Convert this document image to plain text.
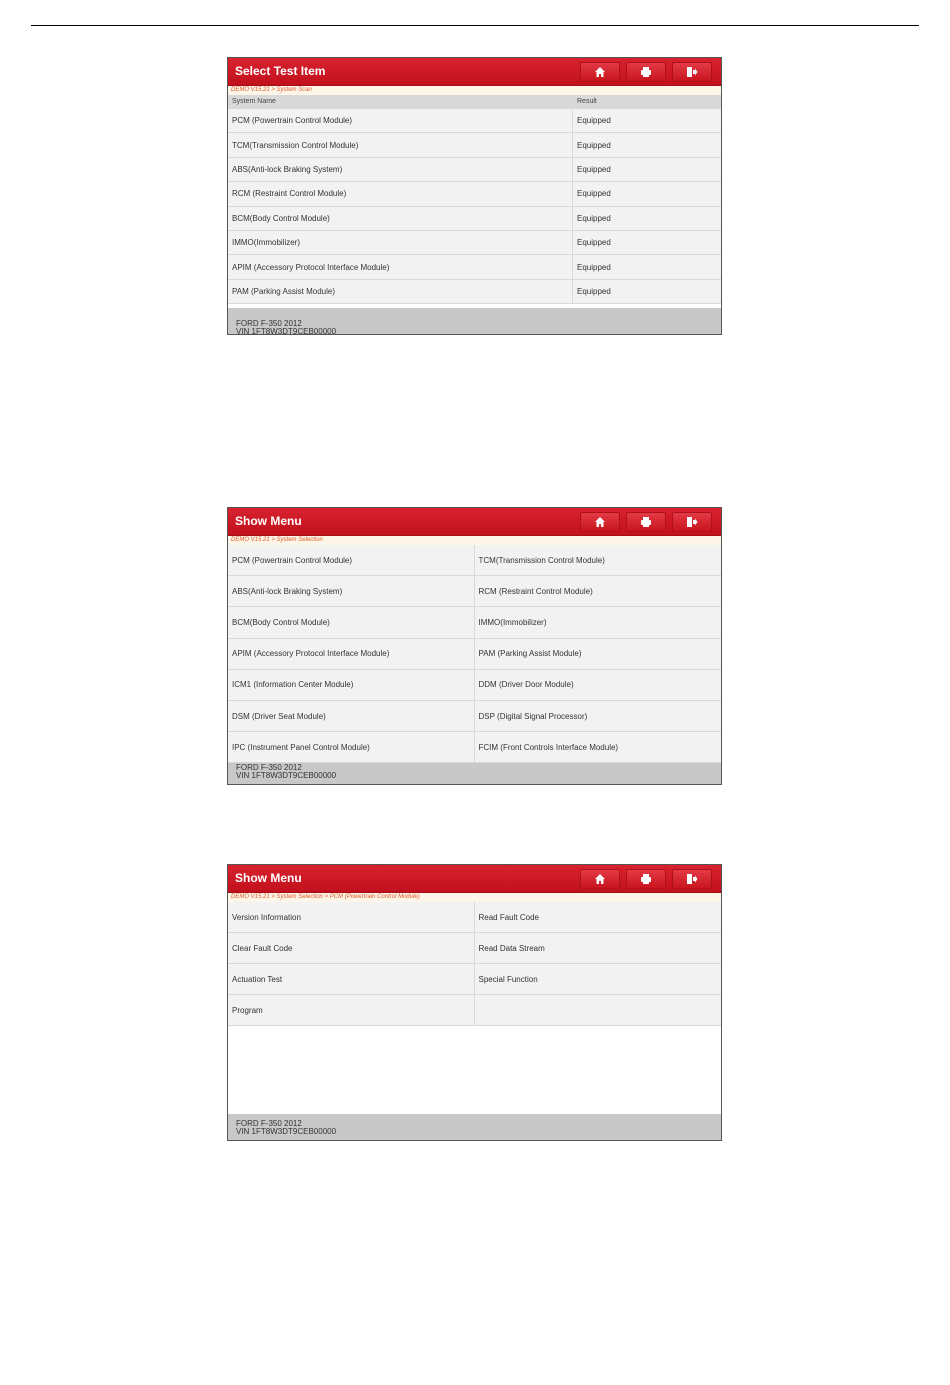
Select Test Item
DEMO V15.21 > System Scan
FORD F-350 2012
VIN 1FT8W3DT9CEB00000
System Name	Result
PCM (Powertrain Control Module)	Equipped
TCM(Transmission Control Module)	Equipped
ABS(Anti-lock Braking System)	Equipped
RCM (Restraint Control Module)	Equipped
BCM(Body Control Module)	Equipped
IMMO(Immobilizer)	Equipped
APIM (Accessory Protocol Interface Module)	Equipped
PAM (Parking Assist Module)	Equipped
Show Menu
DEMO V15.21 > System Selection
FORD F-350 2012
VIN 1FT8W3DT9CEB00000
PCM (Powertrain Control Module)	TCM(Transmission Control Module)
ABS(Anti-lock Braking System)	RCM (Restraint Control Module)
BCM(Body Control Module)	IMMO(Immobilizer)
APIM (Accessory Protocol Interface Module)	PAM (Parking Assist Module)
ICM1 (Information Center Module)	DDM (Driver Door Module)
DSM (Driver Seat Module)	DSP (Digital Signal Processor)
IPC (Instrument Panel Control Module)	FCIM (Front Controls Interface Module)
Show Menu
DEMO V15.21 > System Selection > PCM (Powertrain Control Module)
FORD F-350 2012
VIN 1FT8W3DT9CEB00000
Version Information	Read Fault Code
Clear Fault Code	Read Data Stream
Actuation Test	Special Function
Program
